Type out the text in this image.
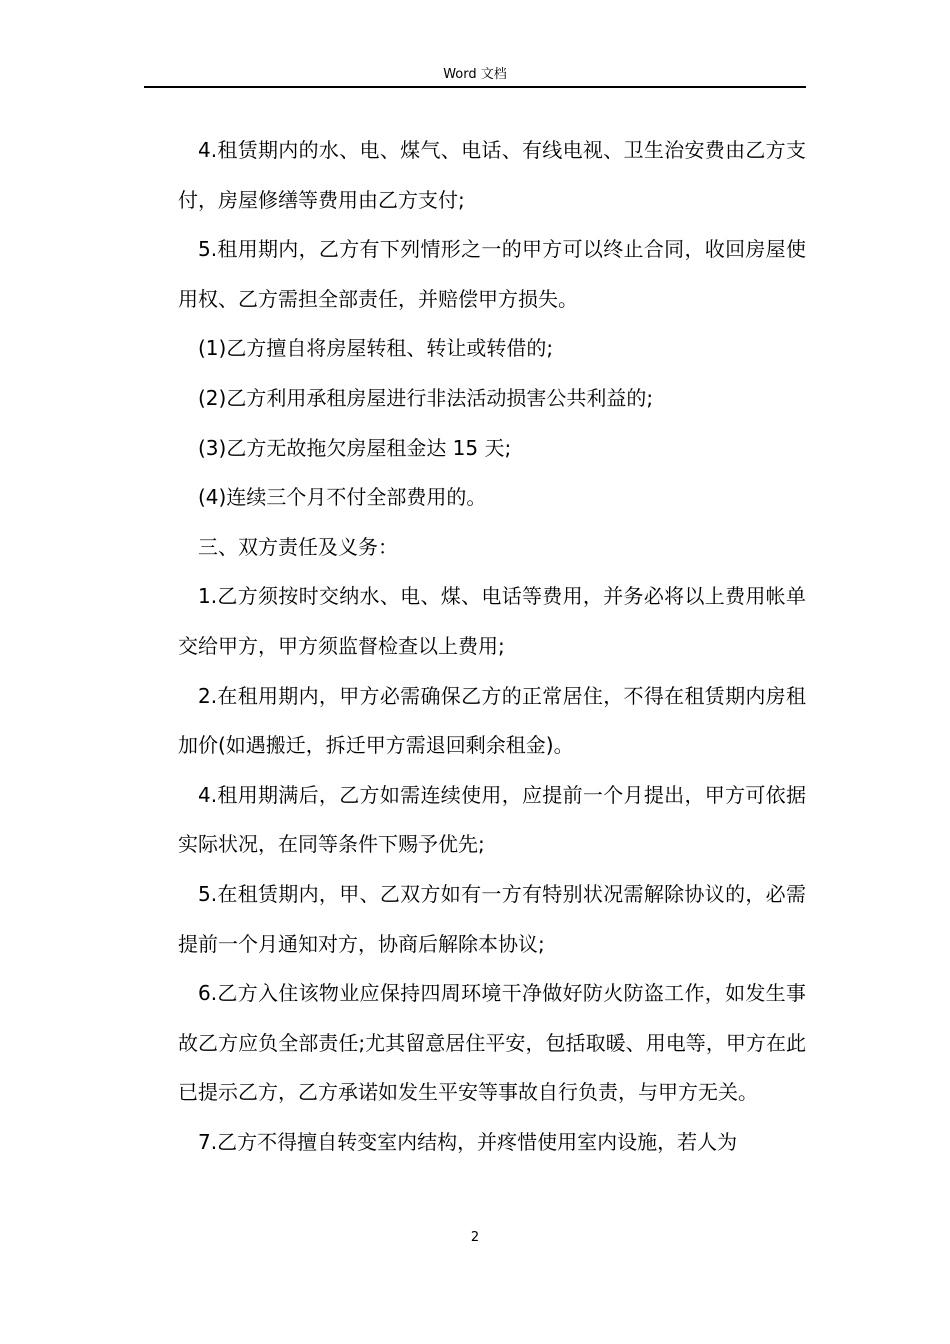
Word 文档

4.租赁期内的水、电、煤气、电话、有线电视、卫生治安费由乙方支付，房屋修缮等费用由乙方支付;

5.租用期内，乙方有下列情形之一的甲方可以终止合同，收回房屋使用权、乙方需担全部责任，并赔偿甲方损失。

(1)乙方擅自将房屋转租、转让或转借的;

(2)乙方利用承租房屋进行非法活动损害公共利益的;

(3)乙方无故拖欠房屋租金达 15 天;

(4)连续三个月不付全部费用的。

三、双方责任及义务：

1.乙方须按时交纳水、电、煤、电话等费用，并务必将以上费用帐单交给甲方，甲方须监督检查以上费用;

2.在租用期内，甲方必需确保乙方的正常居住，不得在租赁期内房租加价(如遇搬迁，拆迁甲方需退回剩余租金)。

4.租用期满后，乙方如需连续使用，应提前一个月提出，甲方可依据实际状况，在同等条件下赐予优先;

5.在租赁期内，甲、乙双方如有一方有特别状况需解除协议的，必需提前一个月通知对方，协商后解除本协议;

6.乙方入住该物业应保持四周环境干净做好防火防盗工作，如发生事故乙方应负全部责任;尤其留意居住平安，包括取暖、用电等，甲方在此已提示乙方，乙方承诺如发生平安等事故自行负责，与甲方无关。

7.乙方不得擅自转变室内结构，并疼惜使用室内设施，若人为

2
